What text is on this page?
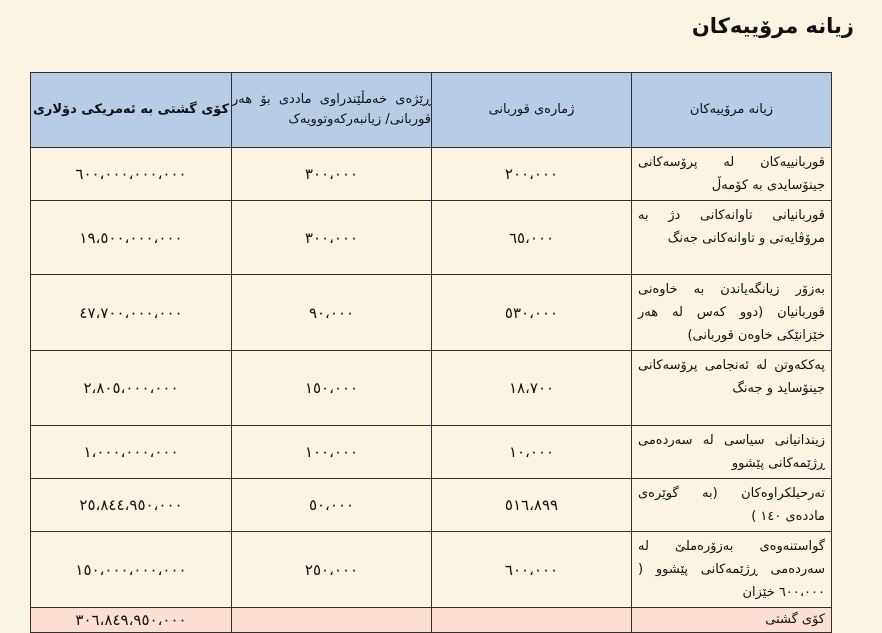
زیانە مرۆییەکان
زیانە مرۆییەکان	ژمارەی قوربانی	ڕێژەی خەمڵێندراوی ماددی بۆ هەر قوربانی/ زیانبەرکەوتوویەک	کۆی گشتی بە ئەمریکی دۆلاری
قوربانییەکان لە پرۆسەکانی جینۆسایدی بە کۆمەڵ	٢٠٠،٠٠٠	٣٠٠،٠٠٠	٦٠٠،٠٠٠،٠٠٠،٠٠٠
قوربانیانی تاوانەکانی دژ بە مرۆڤایەتی و تاوانەکانی جەنگ	٦٥،٠٠٠	٣٠٠،٠٠٠	١٩،٥٠٠،٠٠٠،٠٠٠
بەزۆر زیانگەیاندن بە خاوەنی قوربانیان (دوو کەس لە هەر خێزانێکی خاوەن قوربانی)	٥٣٠،٠٠٠	٩٠،٠٠٠	٤٧،٧٠٠،٠٠٠،٠٠٠
پەککەوتن لە ئەنجامی پرۆسەکانی جینۆساید و جەنگ	١٨،٧٠٠	١٥٠،٠٠٠	٢،٨٠٥،٠٠٠،٠٠٠
زیندانیانی سیاسی لە سەردەمی ڕژێمەکانی پێشوو	١٠،٠٠٠	١٠٠،٠٠٠	١،٠٠٠،٠٠٠،٠٠٠
تەرحیلکراوەکان (بە گوێرەی ماددەی ١٤٠ )	٥١٦،٨٩٩	٥٠،٠٠٠	٢٥،٨٤٤،٩٥٠،٠٠٠
گواستنەوەی بەزۆرەملێ لە سەردەمی ڕژێمەکانی پێشوو ( ٦٠٠،٠٠٠ خێزان	٦٠٠،٠٠٠	٢٥٠،٠٠٠	١٥٠،٠٠٠،٠٠٠،٠٠٠
کۆی گشتی			٣٠٦،٨٤٩،٩٥٠،٠٠٠
